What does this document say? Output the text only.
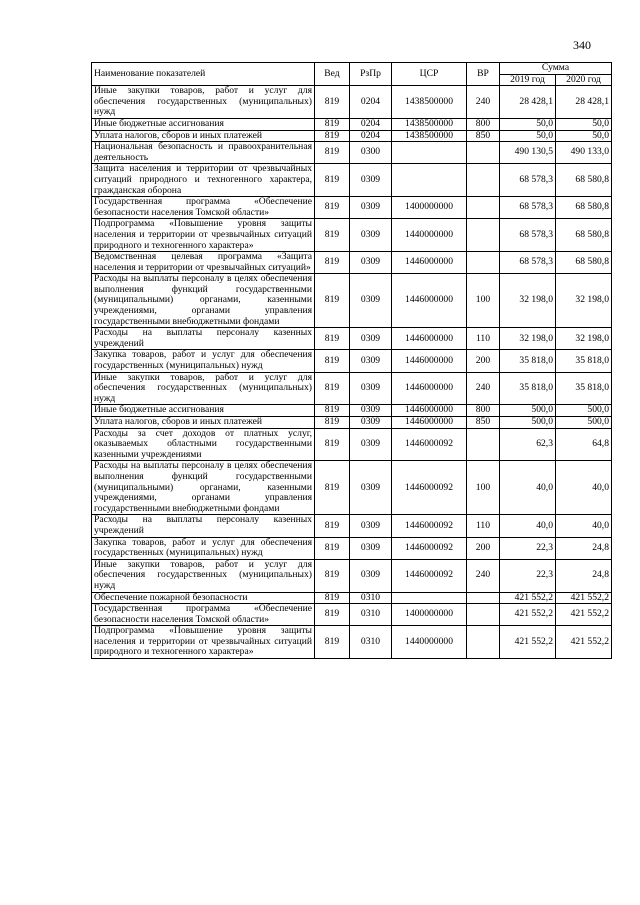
340
Наименование показателей	Вед	РзПр	ЦСР	ВР	Сумма	
					2019 год	2020 год
Иные закупки товаров, работ и услуг для обеспечения государственных (муниципальных) нужд	819	0204	1438500000	240	28 428,1	28 428,1
Иные бюджетные ассигнования	819	0204	1438500000	800	50,0	50,0
Уплата налогов, сборов и иных платежей	819	0204	1438500000	850	50,0	50,0
Национальная безопасность и правоохранительная деятельность	819	0300			490 130,5	490 133,0
Защита населения и территории от чрезвычайных ситуаций природного и техногенного характера, гражданская оборона	819	0309			68 578,3	68 580,8
Государственная программа «Обеспечение безопасности населения Томской области»	819	0309	1400000000		68 578,3	68 580,8
Подпрограмма «Повышение уровня защиты населения и территории от чрезвычайных ситуаций природного и техногенного характера»	819	0309	1440000000		68 578,3	68 580,8
Ведомственная целевая программа «Защита населения и территории от чрезвычайных ситуаций»	819	0309	1446000000		68 578,3	68 580,8
Расходы на выплаты персоналу в целях обеспечения выполнения функций государственными (муниципальными) органами, казенными учреждениями, органами управления государственными внебюджетными фондами	819	0309	1446000000	100	32 198,0	32 198,0
Расходы на выплаты персоналу казенных учреждений	819	0309	1446000000	110	32 198,0	32 198,0
Закупка товаров, работ и услуг для обеспечения государственных (муниципальных) нужд	819	0309	1446000000	200	35 818,0	35 818,0
Иные закупки товаров, работ и услуг для обеспечения государственных (муниципальных) нужд	819	0309	1446000000	240	35 818,0	35 818,0
Иные бюджетные ассигнования	819	0309	1446000000	800	500,0	500,0
Уплата налогов, сборов и иных платежей	819	0309	1446000000	850	500,0	500,0
Расходы за счет доходов от платных услуг, оказываемых областными государственными казенными учреждениями	819	0309	1446000092		62,3	64,8
Расходы на выплаты персоналу в целях обеспечения выполнения функций государственными (муниципальными) органами, казенными учреждениями, органами управления государственными внебюджетными фондами	819	0309	1446000092	100	40,0	40,0
Расходы на выплаты персоналу казенных учреждений	819	0309	1446000092	110	40,0	40,0
Закупка товаров, работ и услуг для обеспечения государственных (муниципальных) нужд	819	0309	1446000092	200	22,3	24,8
Иные закупки товаров, работ и услуг для обеспечения государственных (муниципальных) нужд	819	0309	1446000092	240	22,3	24,8
Обеспечение пожарной безопасности	819	0310			421 552,2	421 552,2
Государственная программа «Обеспечение безопасности населения Томской области»	819	0310	1400000000		421 552,2	421 552,2
Подпрограмма «Повышение уровня защиты населения и территории от чрезвычайных ситуаций природного и техногенного характера»	819	0310	1440000000		421 552,2	421 552,2
